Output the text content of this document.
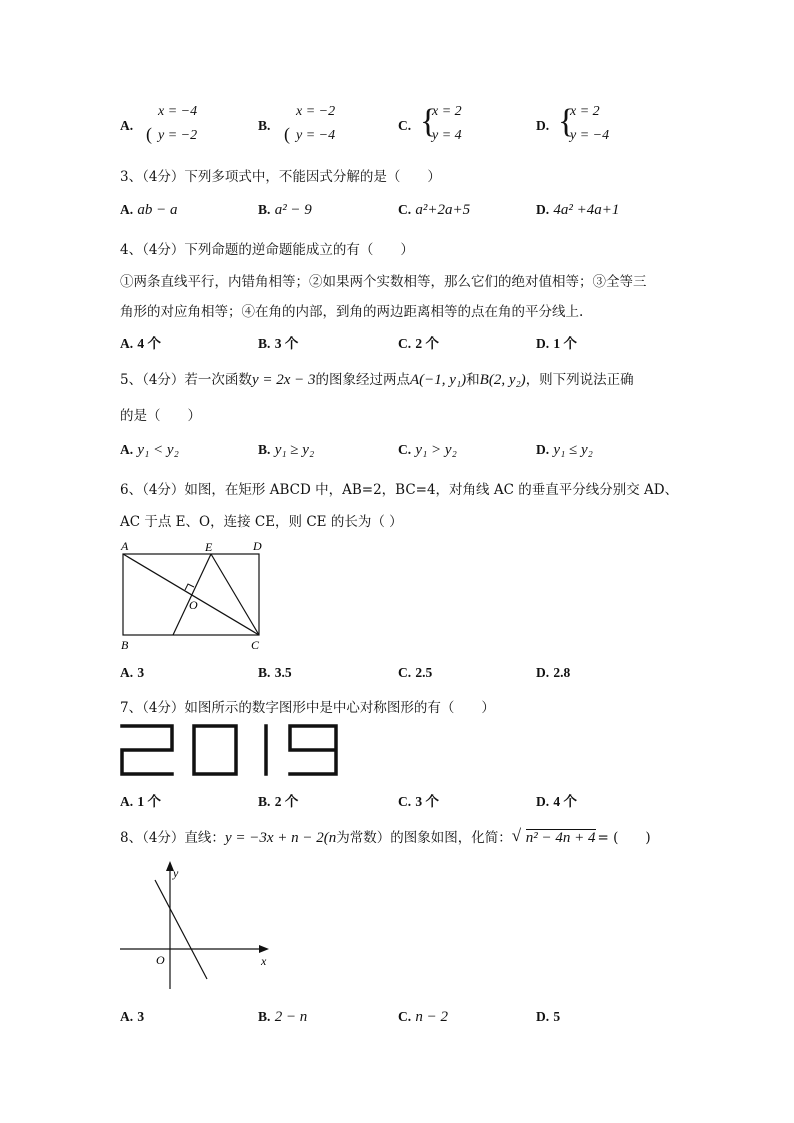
A. (
x = −4
y = −2
B. (
x = −2
y = −4
C. {
x = 2
y = 4
D. {
x = 2
y = −4
3、（4分）下列多项式中，不能因式分解的是（　　）
A. ab − a	B. a² − 9	C. a²+2a+5	D. 4a² +4a+1
4、（4分）下列命题的逆命题能成立的有（　　）
①两条直线平行，内错角相等；②如果两个实数相等，那么它们的绝对值相等；③全等三
角形的对应角相等；④在角的内部，到角的两边距离相等的点在角的平分线上.
A. 4 个	B. 3 个	C. 2 个	D. 1 个
5、（4分）若一次函数y = 2x − 3的图象经过两点A(−1, y₁)和B(2, y₂)，则下列说法正确
的是（　　）
A. y₁ < y₂	B. y₁ ≥ y₂	C. y₁ > y₂	D. y₁ ≤ y₂
6、（4分）如图，在矩形 ABCD 中，AB=2，BC=4，对角线 AC 的垂直平分线分别交 AD、
AC 于点 E、O，连接 CE，则 CE 的长为（ ）
A	E	D
O
B	C
A. 3	B. 3.5	C. 2.5	D. 2.8
7、（4分）如图所示的数字图形中是中心对称图形的有（　　）
A. 1 个	B. 2 个	C. 3 个	D. 4 个
8、（4分）直线：y = −3x + n − 2(n为常数）的图象如图，化简： √ n² − 4n + 4 = (　　)
y
x
O
A. 3	B. 2 − n	C. n − 2	D. 5
